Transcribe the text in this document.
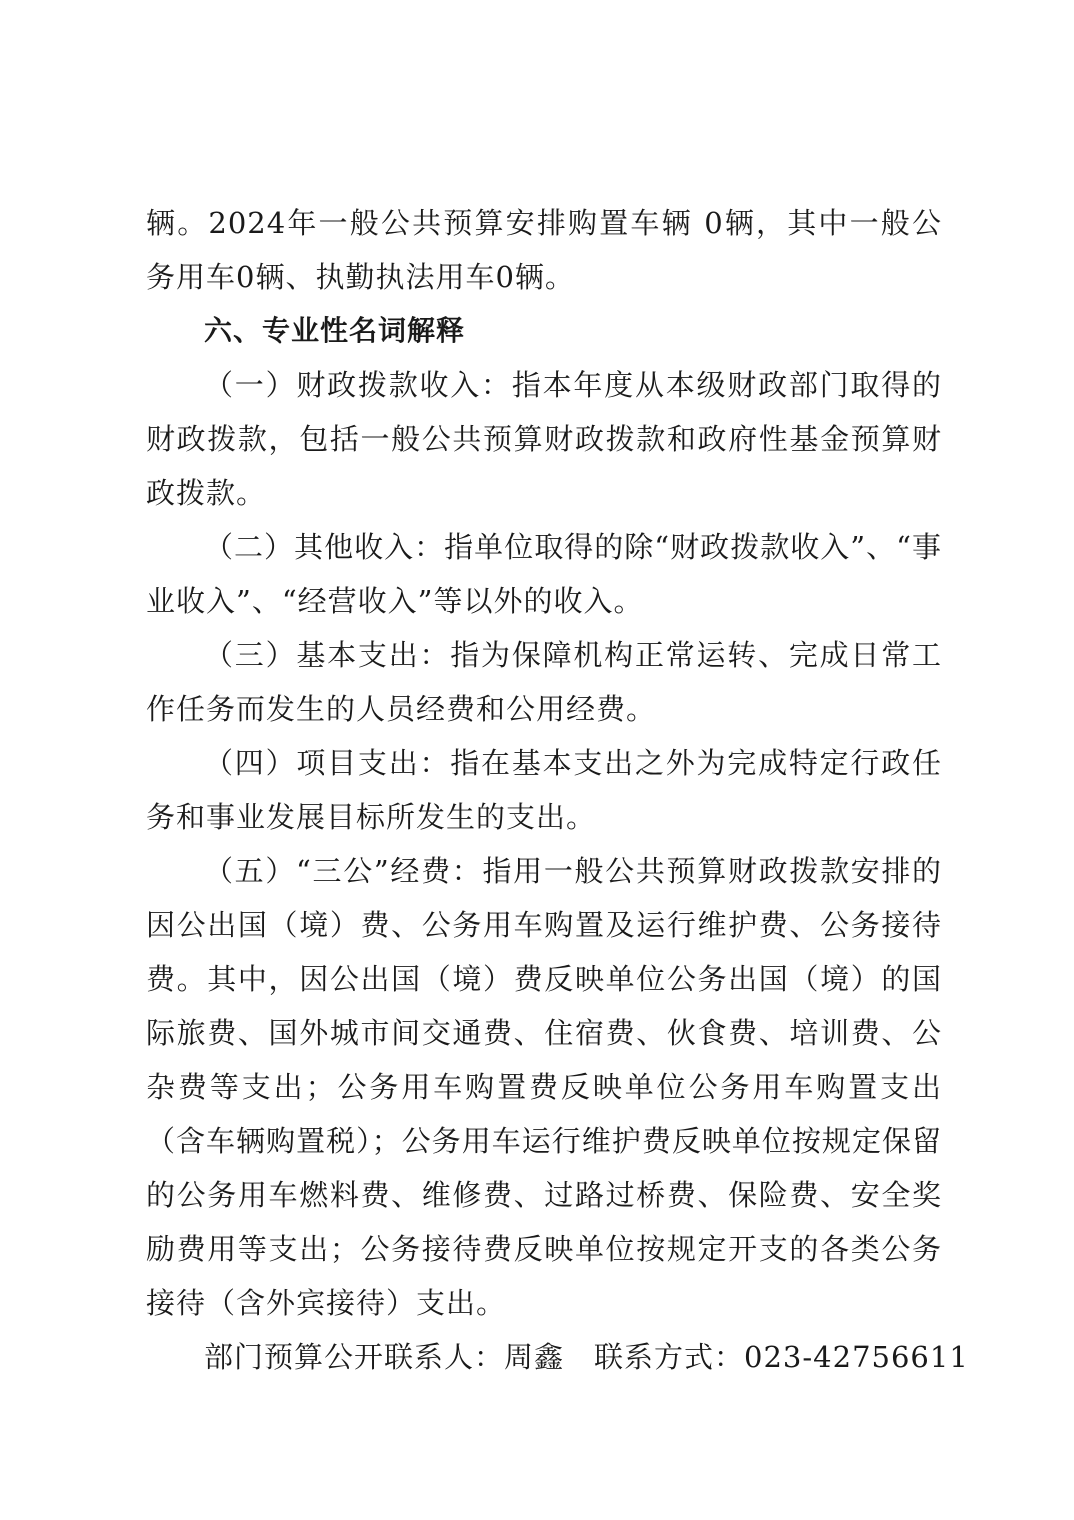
辆。2024年一般公共预算安排购置车辆 0辆，其中一般公务用车0辆、执勤执法用车0辆。

六、专业性名词解释

（一）财政拨款收入：指本年度从本级财政部门取得的财政拨款，包括一般公共预算财政拨款和政府性基金预算财政拨款。

（二）其他收入：指单位取得的除“财政拨款收入”、“事业收入”、“经营收入”等以外的收入。

（三）基本支出：指为保障机构正常运转、完成日常工作任务而发生的人员经费和公用经费。

（四）项目支出：指在基本支出之外为完成特定行政任务和事业发展目标所发生的支出。

（五）“三公”经费：指用一般公共预算财政拨款安排的因公出国（境）费、公务用车购置及运行维护费、公务接待费。其中，因公出国（境）费反映单位公务出国（境）的国际旅费、国外城市间交通费、住宿费、伙食费、培训费、公杂费等支出；公务用车购置费反映单位公务用车购置支出（含车辆购置税）；公务用车运行维护费反映单位按规定保留的公务用车燃料费、维修费、过路过桥费、保险费、安全奖励费用等支出；公务接待费反映单位按规定开支的各类公务接待（含外宾接待）支出。

部门预算公开联系人：周鑫 联系方式：023-42756611
